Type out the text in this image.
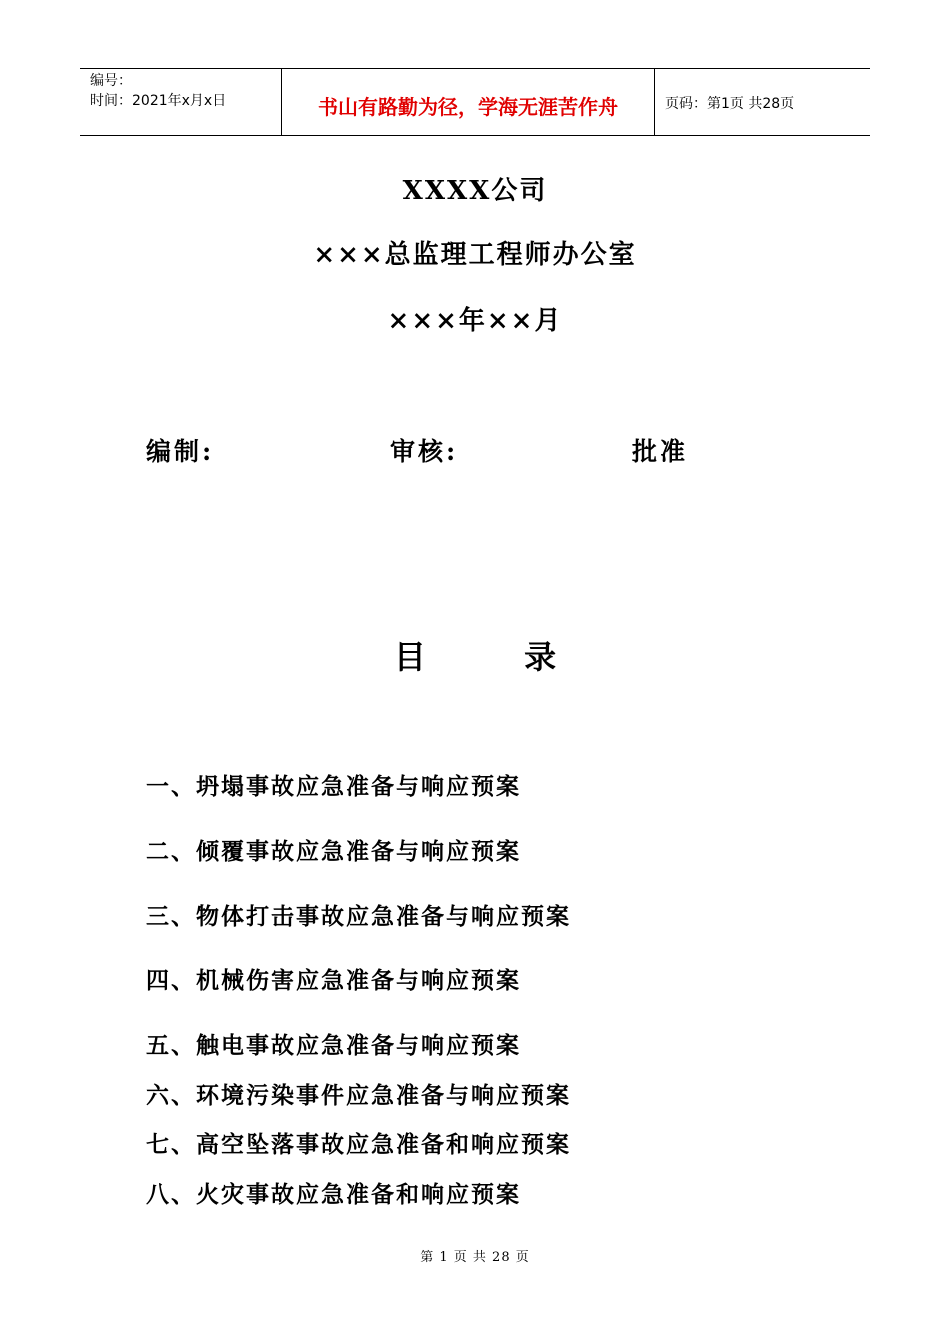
编号：
时间：2021年x月x日	书山有路勤为径，学海无涯苦作舟	页码：第1页 共28页
XXXX公司
×××总监理工程师办公室
×××年××月
编制:	审核:	批准
目	录
一、坍塌事故应急准备与响应预案
二、倾覆事故应急准备与响应预案
三、物体打击事故应急准备与响应预案
四、机械伤害应急准备与响应预案
五、触电事故应急准备与响应预案
六、环境污染事件应急准备与响应预案
七、高空坠落事故应急准备和响应预案
八、火灾事故应急准备和响应预案
第 1 页 共 28 页
